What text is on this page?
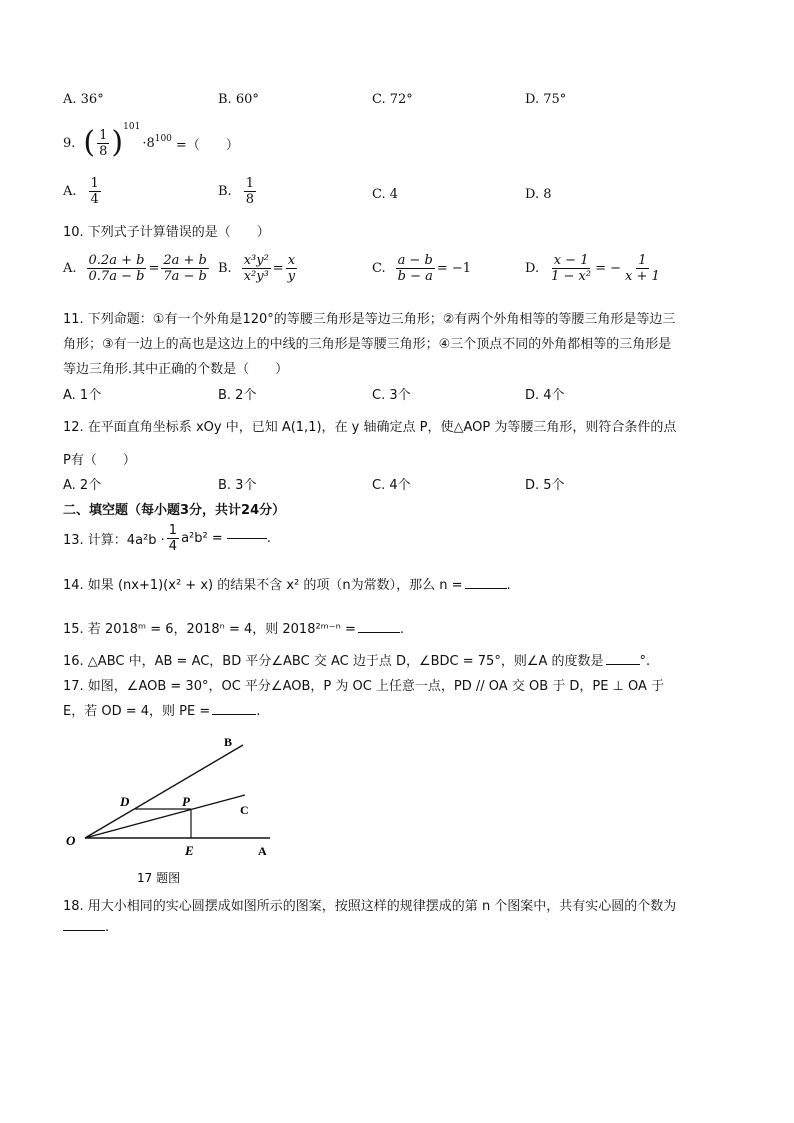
A. 36°	B. 60°	C. 72°	D. 75°
9. ( $\frac{1}{8}$ ) 101
· 8 100 =（　　）
A. $\frac{1}{4}$	B. $\frac{1}{8}$	C. 4	D. 8
10. 下列式子计算错误的是（　　）
A. $\frac{0.2a + b}{0.7a - b} = \frac{2a + b}{7a - b} B$. $\frac{\text{x³y²}}{\text{x²y³}} = \frac{x}{y}$	C. $\frac{a - b}{b - a} = -1$	D. $\frac{x - 1}{\text{1 − x²}}$ = − $\frac{1}{x + 1}$
11. 下列命题：①有一个外角是120°的等腰三角形是等边三角形；②有两个外角相等的等腰三角形是等边三
角形；③有一边上的高也是这边上的中线的三角形是等腰三角形；④三个顶点不同的外角都相等的三角形是
等边三角形.其中正确的个数是（　　）
A. 1个	B. 2个	C. 3个	D. 4个
12. 在平面直角坐标系 xOy 中，已知 A(1,1)，在 y 轴确定点 P，使△AOP 为等腰三角形，则符合条件的点
P有（　　）
A. 2个	B. 3个	C. 4个	D. 5个
二、填空题（每小题3分，共计24分）
13. 计算：$4a^2b \cdot \frac{1}{4} a^2b^2$ =	.
14. 如果 (nx+1)(x² + x) 的结果不含 x² 的项（n为常数），那么 n =	.
15. 若 2018ᵐ = 6，2018ⁿ = 4，则 2018²ᵐ⁻ⁿ =	.
16. △ABC 中，AB = AC，BD 平分∠ABC 交 AC 边于点 D，∠BDC = 75°，则∠A 的度数是	°.
17. 如图，∠AOB = 30°，OC 平分∠AOB，P 为 OC 上任意一点，PD // OA 交 OB 于 D，PE ⊥ OA 于
E，若 OD = 4，则 PE =	.
B
C
D	P
O
E	A
17 题图
18. 用大小相同的实心圆摆成如图所示的图案，按照这样的规律摆成的第 n 个图案中，共有实心圆的个数为
.
